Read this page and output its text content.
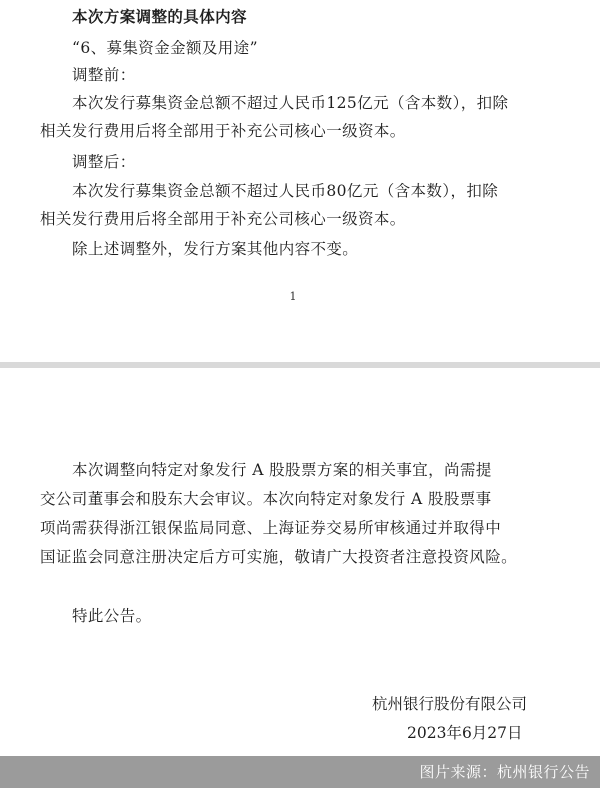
本次方案调整的具体内容
“6、募集资金金额及用途”
调整前：
本次发行募集资金总额不超过人民币125亿元（含本数），扣除
相关发行费用后将全部用于补充公司核心一级资本。
调整后：
本次发行募集资金总额不超过人民币80亿元（含本数），扣除
相关发行费用后将全部用于补充公司核心一级资本。
除上述调整外，发行方案其他内容不变。
1
本次调整向特定对象发行 A 股股票方案的相关事宜，尚需提
交公司董事会和股东大会审议。本次向特定对象发行 A 股股票事
项尚需获得浙江银保监局同意、上海证券交易所审核通过并取得中
国证监会同意注册决定后方可实施，敬请广大投资者注意投资风险。
特此公告。
杭州银行股份有限公司
2023年6月27日
图片来源：杭州银行公告
